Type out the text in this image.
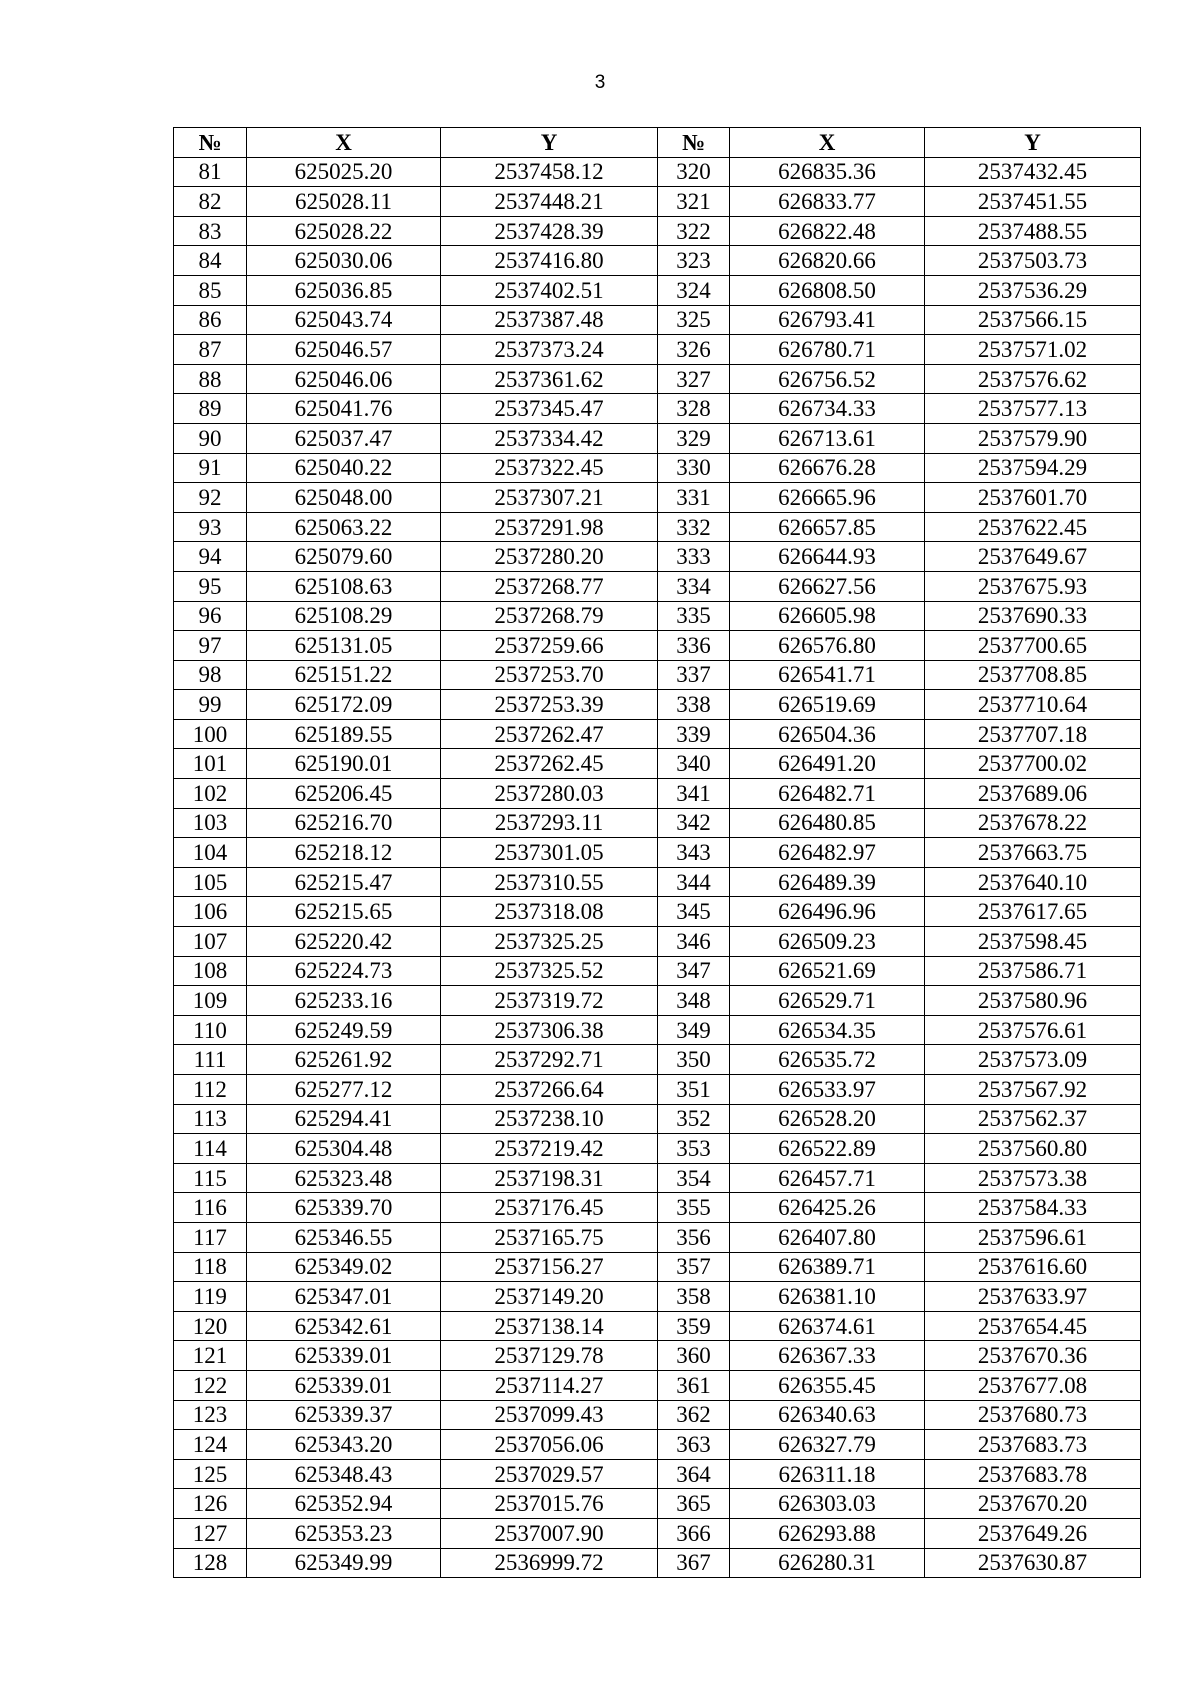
3
№	X	Y	№	X	Y
81	625025.20	2537458.12	320	626835.36	2537432.45
82	625028.11	2537448.21	321	626833.77	2537451.55
83	625028.22	2537428.39	322	626822.48	2537488.55
84	625030.06	2537416.80	323	626820.66	2537503.73
85	625036.85	2537402.51	324	626808.50	2537536.29
86	625043.74	2537387.48	325	626793.41	2537566.15
87	625046.57	2537373.24	326	626780.71	2537571.02
88	625046.06	2537361.62	327	626756.52	2537576.62
89	625041.76	2537345.47	328	626734.33	2537577.13
90	625037.47	2537334.42	329	626713.61	2537579.90
91	625040.22	2537322.45	330	626676.28	2537594.29
92	625048.00	2537307.21	331	626665.96	2537601.70
93	625063.22	2537291.98	332	626657.85	2537622.45
94	625079.60	2537280.20	333	626644.93	2537649.67
95	625108.63	2537268.77	334	626627.56	2537675.93
96	625108.29	2537268.79	335	626605.98	2537690.33
97	625131.05	2537259.66	336	626576.80	2537700.65
98	625151.22	2537253.70	337	626541.71	2537708.85
99	625172.09	2537253.39	338	626519.69	2537710.64
100	625189.55	2537262.47	339	626504.36	2537707.18
101	625190.01	2537262.45	340	626491.20	2537700.02
102	625206.45	2537280.03	341	626482.71	2537689.06
103	625216.70	2537293.11	342	626480.85	2537678.22
104	625218.12	2537301.05	343	626482.97	2537663.75
105	625215.47	2537310.55	344	626489.39	2537640.10
106	625215.65	2537318.08	345	626496.96	2537617.65
107	625220.42	2537325.25	346	626509.23	2537598.45
108	625224.73	2537325.52	347	626521.69	2537586.71
109	625233.16	2537319.72	348	626529.71	2537580.96
110	625249.59	2537306.38	349	626534.35	2537576.61
111	625261.92	2537292.71	350	626535.72	2537573.09
112	625277.12	2537266.64	351	626533.97	2537567.92
113	625294.41	2537238.10	352	626528.20	2537562.37
114	625304.48	2537219.42	353	626522.89	2537560.80
115	625323.48	2537198.31	354	626457.71	2537573.38
116	625339.70	2537176.45	355	626425.26	2537584.33
117	625346.55	2537165.75	356	626407.80	2537596.61
118	625349.02	2537156.27	357	626389.71	2537616.60
119	625347.01	2537149.20	358	626381.10	2537633.97
120	625342.61	2537138.14	359	626374.61	2537654.45
121	625339.01	2537129.78	360	626367.33	2537670.36
122	625339.01	2537114.27	361	626355.45	2537677.08
123	625339.37	2537099.43	362	626340.63	2537680.73
124	625343.20	2537056.06	363	626327.79	2537683.73
125	625348.43	2537029.57	364	626311.18	2537683.78
126	625352.94	2537015.76	365	626303.03	2537670.20
127	625353.23	2537007.90	366	626293.88	2537649.26
128	625349.99	2536999.72	367	626280.31	2537630.87
